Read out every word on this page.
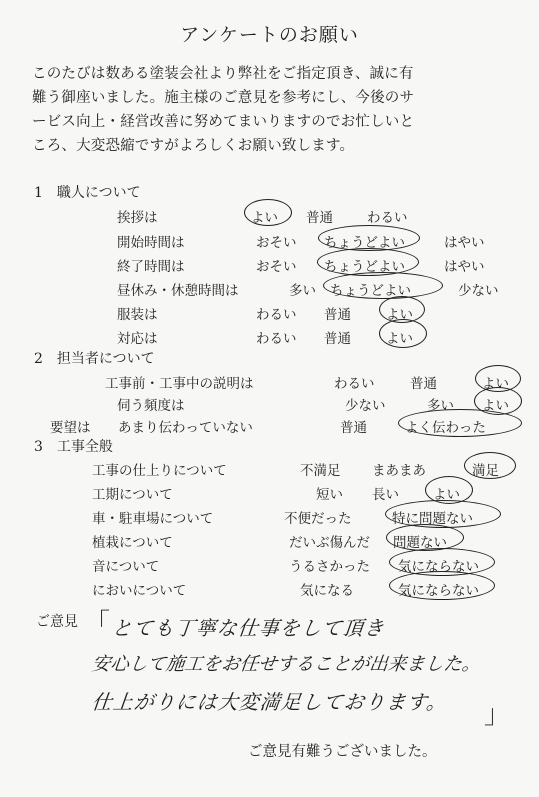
アンケートのお願い
このたびは数ある塗装会社より弊社をご指定頂き、誠に有
難う御座いました。施主様のご意見を参考にし、今後のサ
ービス向上・経営改善に努めてまいりますのでお忙しいと
ころ、大変恐縮ですがよろしくお願い致します。
1　職人について
挨拶は	よい 普通	わるい
開始時間は	おそい ちょうどよい	はやい
終了時間は	おそい ちょうどよい	はやい
昼休み・休憩時間は	多い ちょうどよい	少ない
服装は	わるい 普通	よい
対応は	わるい 普通	よい
2　担当者について
工事前・工事中の説明は	わるい	普通	よい
伺う頻度は	少ない	多い よい
要望は あまり伝わっていない	普通	よく伝わった
3　工事全般
工事の仕上りについて	不満足 まあまあ	満足
工期について	短い 長い	よい
車・駐車場について	不便だった	特に問題ない
植栽について	だいぶ傷んだ 問題ない
音について	うるさかった 気にならない
においについて	気になる	気にならない
ご意見 「 とても丁寧な仕事をして頂き
安心して施工をお任せすることが出来ました。
仕上がりには大変満足しております。 」
ご意見有難うございました。
